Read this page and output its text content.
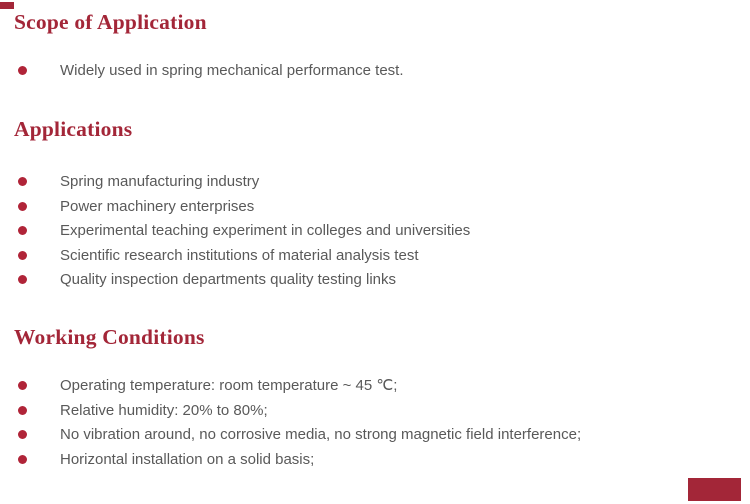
Scope of Application
Widely used in spring mechanical performance test.
Applications
Spring manufacturing industry
Power machinery enterprises
Experimental teaching experiment in colleges and universities
Scientific research institutions of material analysis test
Quality inspection departments quality testing links
Working Conditions
Operating temperature: room temperature ~ 45 ℃;
Relative humidity: 20% to 80%;
No vibration around, no corrosive media, no strong magnetic field interference;
Horizontal installation on a solid basis;
